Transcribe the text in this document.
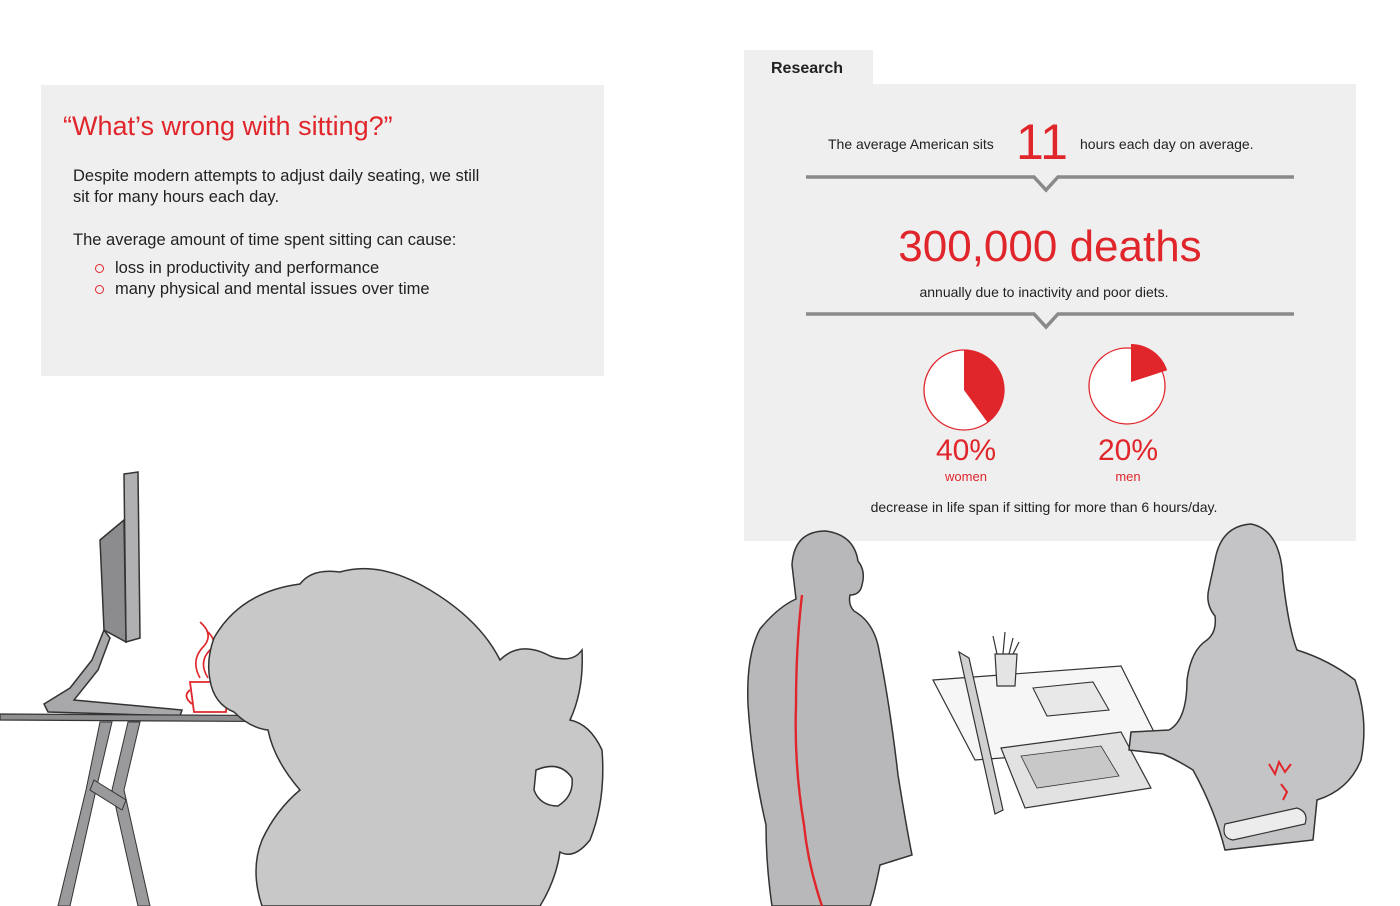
“What’s wrong with sitting?”

Despite modern attempts to adjust daily seating, we still sit for many hours each day.

The average amount of time spent sitting can cause:
loss in productivity and performance
many physical and mental issues over time
Research
The average American sits 11 hours each day on average.
300,000 deaths
annually due to inactivity and poor diets.
40%
women
20%
men
decrease in life span if sitting for more than 6 hours/day.
